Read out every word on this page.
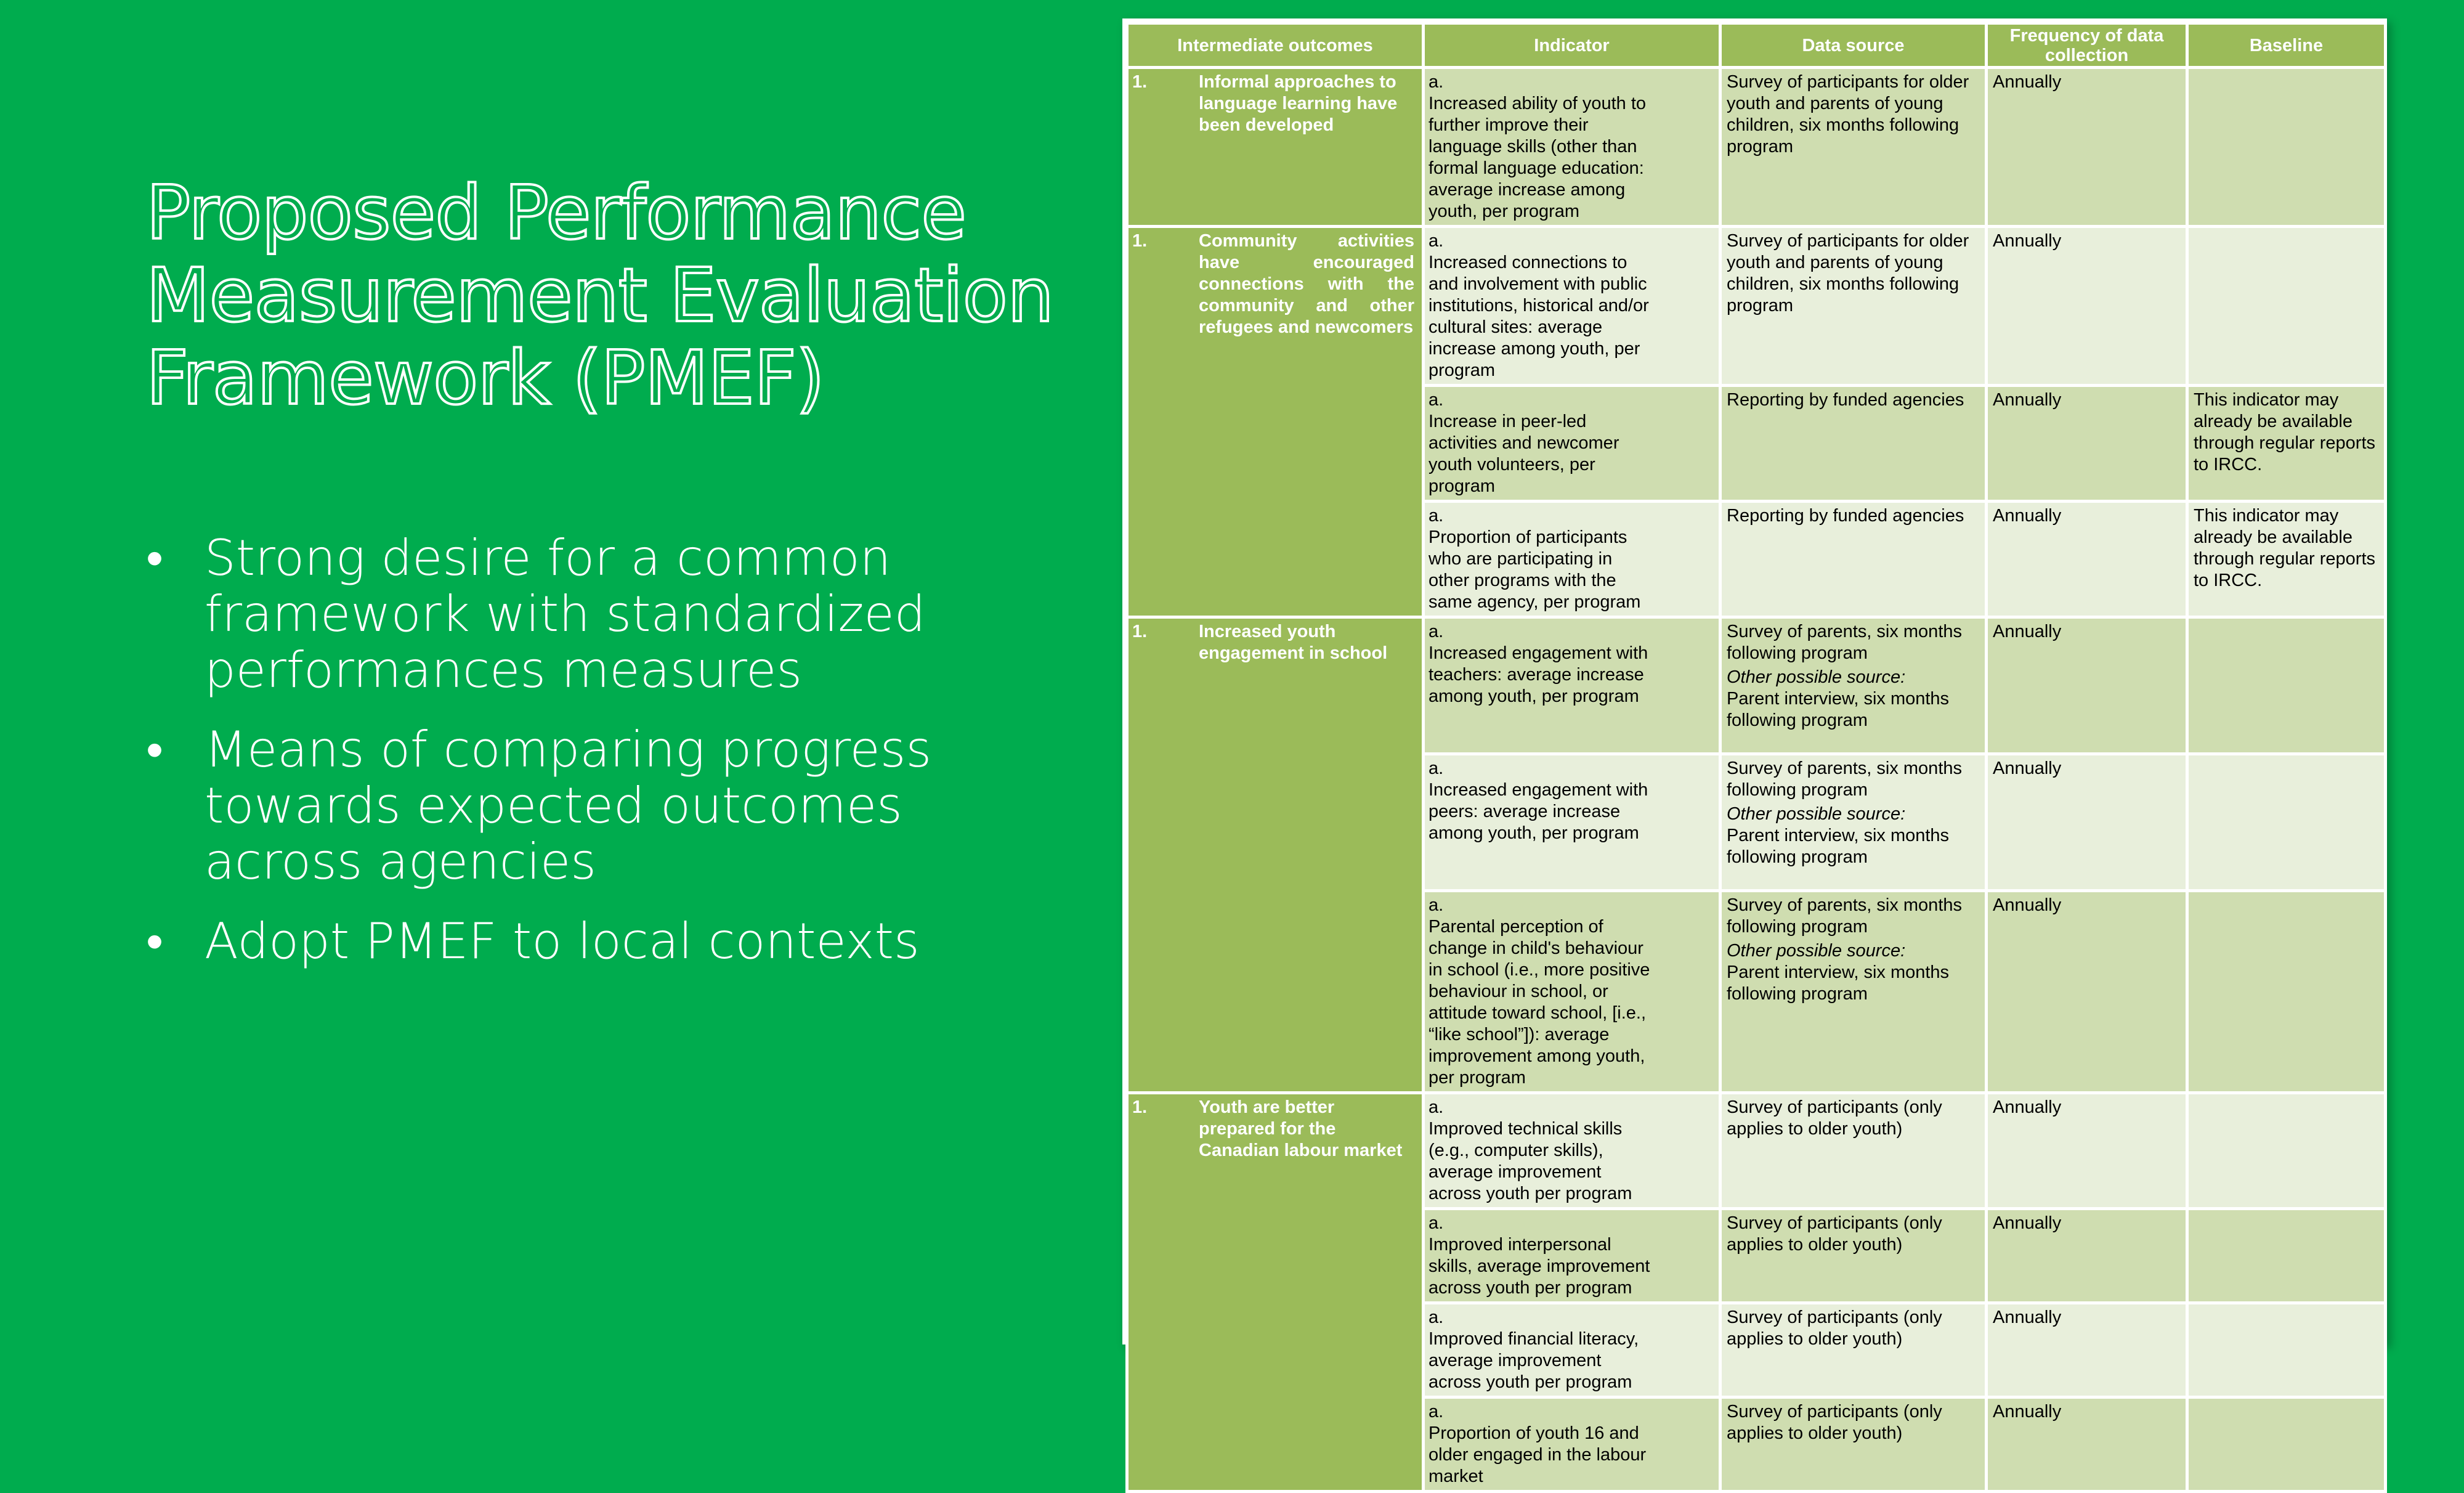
Proposed Performance
Measurement Evaluation
Framework (PMEF)
• Strong desire for a common framework with standardized performances measures
• Means of comparing progress towards expected outcomes across agencies
• Adopt PMEF to local contexts
Intermediate outcomes	Indicator	Data source	Frequency of data collection	Baseline
1. Informal approaches to language learning have been developed	a.Increased ability of youth to further improve their language skills (other than formal language education: average increase among youth, per program	Survey of participants for older youth and parents of young children, six months following program	Annually	
1. Community activities have encouraged connections with the community and other refugees and newcomers	a.Increased connections to and involvement with public institutions, historical and/or cultural sites: average increase among youth, per program	Survey of participants for older youth and parents of young children, six months following program	Annually	
	a.Increase in peer-led activities and newcomer youth volunteers, per program	Reporting by funded agencies	Annually	This indicator may already be available through regular reports to IRCC.
	a.Proportion of participants who are participating in other programs with the same agency, per program	Reporting by funded agencies	Annually	This indicator may already be available through regular reports to IRCC.
1. Increased youth engagement in school	a.Increased engagement with teachers: average increase among youth, per program	Survey of parents, six months following program
Other possible source:
Parent interview, six months following program	Annually	
	a.Increased engagement with peers: average increase among youth, per program	Survey of parents, six months following program
Other possible source:
Parent interview, six months following program	Annually	
	a.Parental perception of change in child's behaviour in school (i.e., more positive behaviour in school, or attitude toward school, [i.e., “like school”]): average improvement among youth, per program	Survey of parents, six months following program
Other possible source:
Parent interview, six months following program	Annually	
1. Youth are better prepared for the Canadian labour market	a.Improved technical skills (e.g., computer skills), average improvement across youth per program	Survey of participants (only applies to older youth)	Annually	
	a.Improved interpersonal skills, average improvement across youth per program	Survey of participants (only applies to older youth)	Annually	
	a.Improved financial literacy, average improvement across youth per program	Survey of participants (only applies to older youth)	Annually	
	a.Proportion of youth 16 and older engaged in the labour market	Survey of participants (only applies to older youth)	Annually	
